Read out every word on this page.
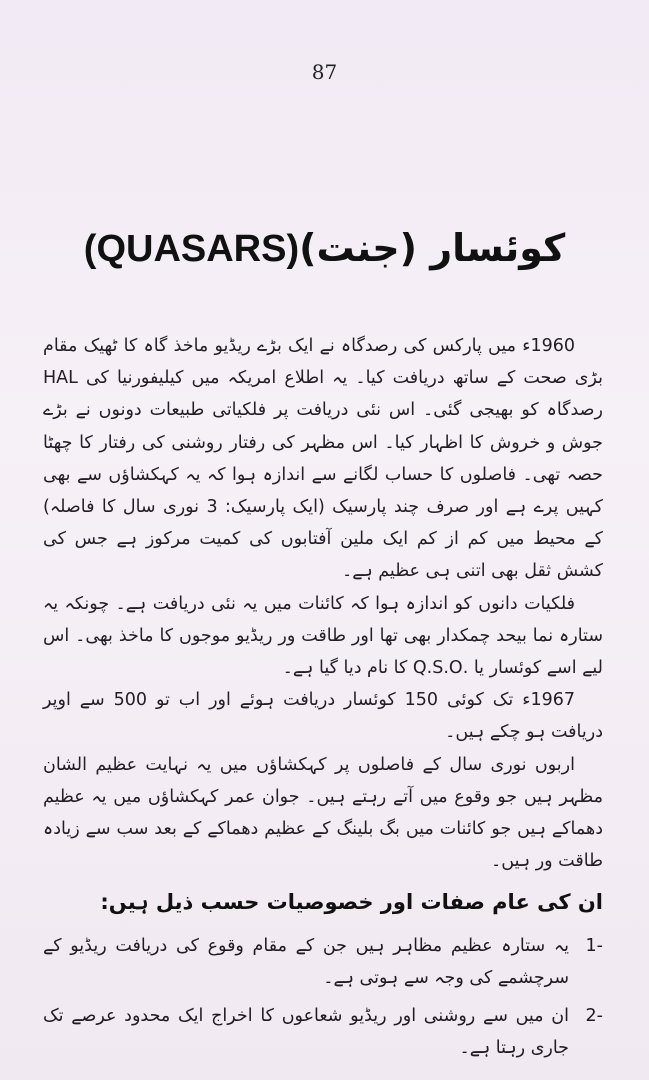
87
کوئسار (جنت)(QUASARS)

1960ء میں پارکس کی رصدگاہ نے ایک بڑے ریڈیو ماخذ گاہ کا ٹھیک مقام بڑی صحت کے ساتھ دریافت کیا۔ یہ اطلاع امریکہ میں کیلیفورنیا کی HAL رصدگاہ کو بھیجی گئی۔ اس نئی دریافت پر فلکیاتی طبیعات دونوں نے بڑے جوش و خروش کا اظہار کیا۔ اس مظہر کی رفتار روشنی کی رفتار کا چھٹا حصہ تھی۔ فاصلوں کا حساب لگانے سے اندازہ ہوا کہ یہ کہکشاؤں سے بھی کہیں پرے ہے اور صرف چند پارسیک (ایک پارسیک: 3 نوری سال کا فاصلہ) کے محیط میں کم از کم ایک ملین آفتابوں کی کمیت مرکوز ہے جس کی کشش ثقل بھی اتنی ہی عظیم ہے۔

فلکیات دانوں کو اندازہ ہوا کہ کائنات میں یہ نئی دریافت ہے۔ چونکہ یہ ستارہ نما بیحد چمکدار بھی تھا اور طاقت ور ریڈیو موجوں کا ماخذ بھی۔ اس لیے اسے کوئسار یا .Q.S.O کا نام دیا گیا ہے۔

1967ء تک کوئی 150 کوئسار دریافت ہوئے اور اب تو 500 سے اوپر دریافت ہو چکے ہیں۔

اربوں نوری سال کے فاصلوں پر کہکشاؤں میں یہ نہایت عظیم الشان مظہر ہیں جو وقوع میں آتے رہتے ہیں۔ جوان عمر کہکشاؤں میں یہ عظیم دھماکے ہیں جو کائنات میں بگ بلینگ کے عظیم دھماکے کے بعد سب سے زیادہ طاقت ور ہیں۔

ان کی عام صفات اور خصوصیات حسب ذیل ہیں:
-1
یہ ستارہ عظیم مظاہر ہیں جن کے مقام وقوع کی دریافت ریڈیو کے سرچشمے کی وجہ سے ہوتی ہے۔
-2
ان میں سے روشنی اور ریڈیو شعاعوں کا اخراج ایک محدود عرصے تک جاری رہتا ہے۔
